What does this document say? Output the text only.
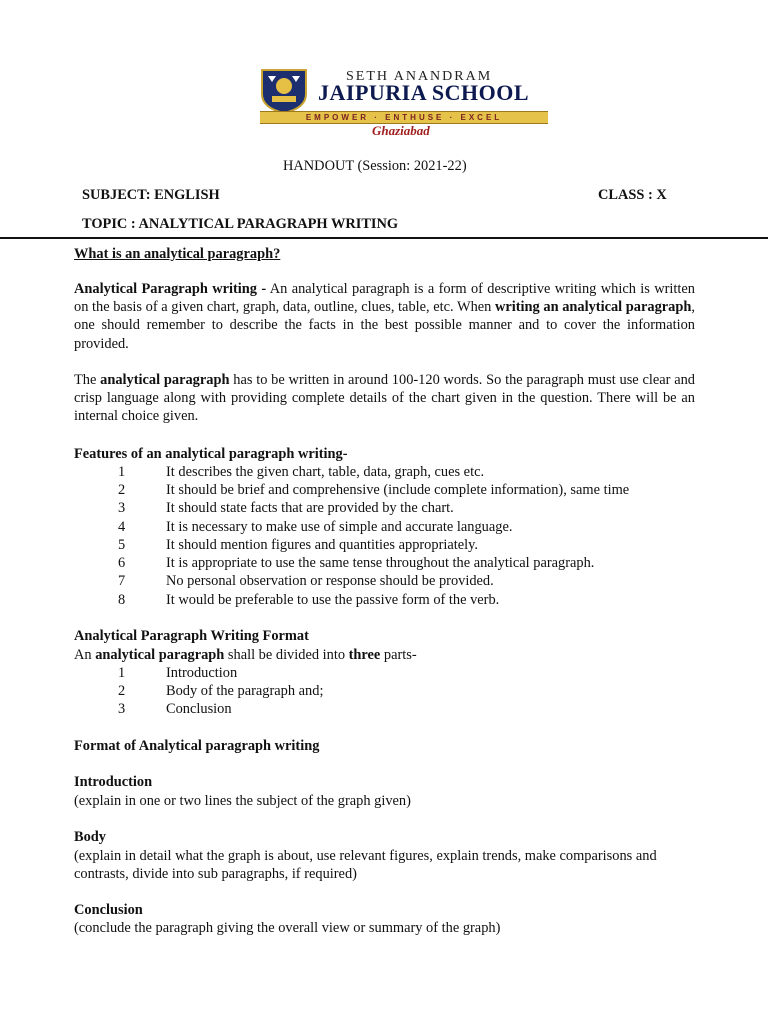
SETH ANANDRAM
JAIPURIA SCHOOL
EMPOWER · ENTHUSE · EXCEL
Ghaziabad
HANDOUT (Session: 2021-22)
SUBJECT: ENGLISH	CLASS : X
TOPIC : ANALYTICAL PARAGRAPH WRITING
What is an analytical paragraph?
Analytical Paragraph writing - An analytical paragraph is a form of descriptive writing which is written on the basis of a given chart, graph, data, outline, clues, table, etc. When writing an analytical paragraph, one should remember to describe the facts in the best possible manner and to cover the information provided.
The analytical paragraph has to be written in around 100-120 words. So the paragraph must use clear and crisp language along with providing complete details of the chart given in the question. There will be an internal choice given.
Features of an analytical paragraph writing-
1	It describes the given chart, table, data, graph, cues etc.
2	It should be brief and comprehensive (include complete information), same time
3	It should state facts that are provided by the chart.
4	It is necessary to make use of simple and accurate language.
5	It should mention figures and quantities appropriately.
6	It is appropriate to use the same tense throughout the analytical paragraph.
7	No personal observation or response should be provided.
8	It would be preferable to use the passive form of the verb.
Analytical Paragraph Writing Format
An analytical paragraph shall be divided into three parts-
1	Introduction
2	Body of the paragraph and;
3	Conclusion
Format of Analytical paragraph writing
Introduction
(explain in one or two lines the subject of the graph given)
Body
(explain in detail what the graph is about, use relevant figures, explain trends, make comparisons and contrasts, divide into sub paragraphs, if required)
Conclusion
(conclude the paragraph giving the overall view or summary of the graph)
